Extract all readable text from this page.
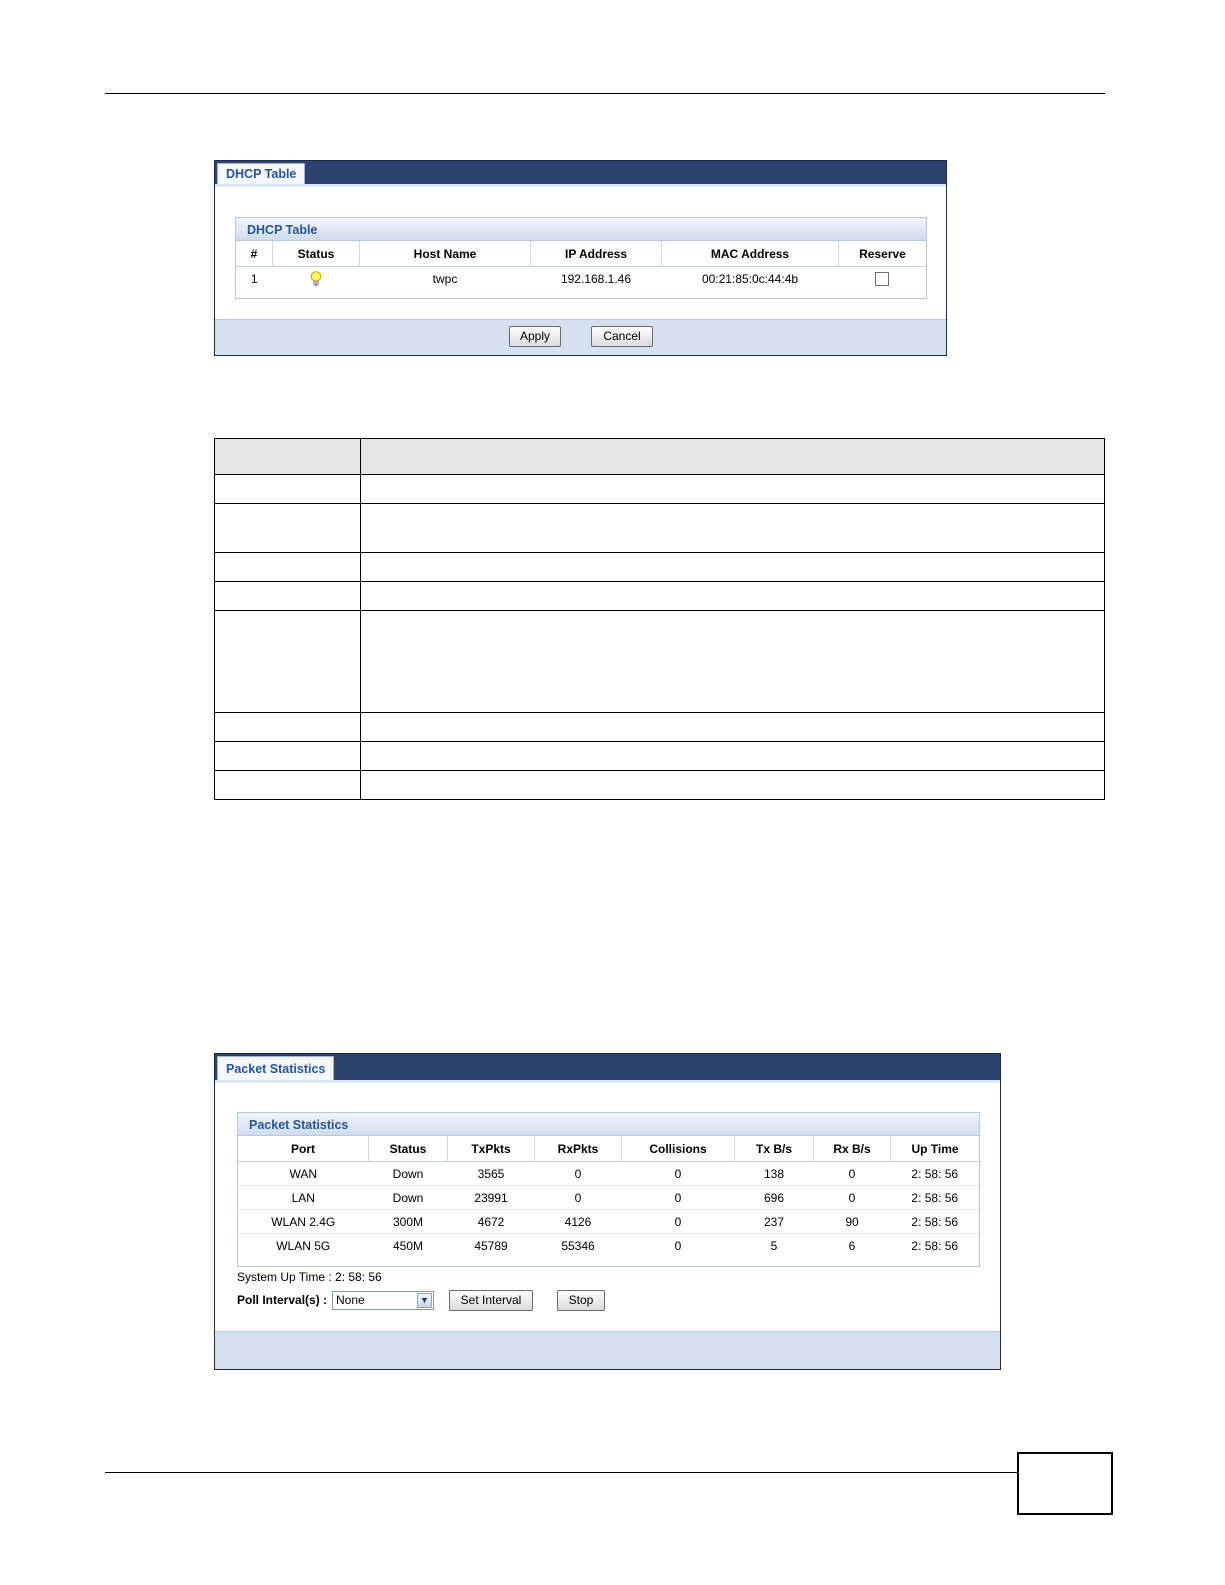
DHCP Table
DHCP Table
#	Status	Host Name	IP Address	MAC Address	Reserve
1		twpc	192.168.1.46	00:21:85:0c:44:4b	
Apply	Cancel

Packet Statistics
Packet Statistics
Port	Status	TxPkts	RxPkts	Collisions	Tx B/s	Rx B/s	Up Time
WAN	Down	3565	0	0	138	0	2: 58: 56
LAN	Down	23991	0	0	696	0	2: 58: 56
WLAN 2.4G	300M	4672	4126	0	237	90	2: 58: 56
WLAN 5G	450M	45789	55346	0	5	6	2: 58: 56
System Up Time : 2: 58: 56
Poll Interval(s) : None	▼	Set Interval	Stop
